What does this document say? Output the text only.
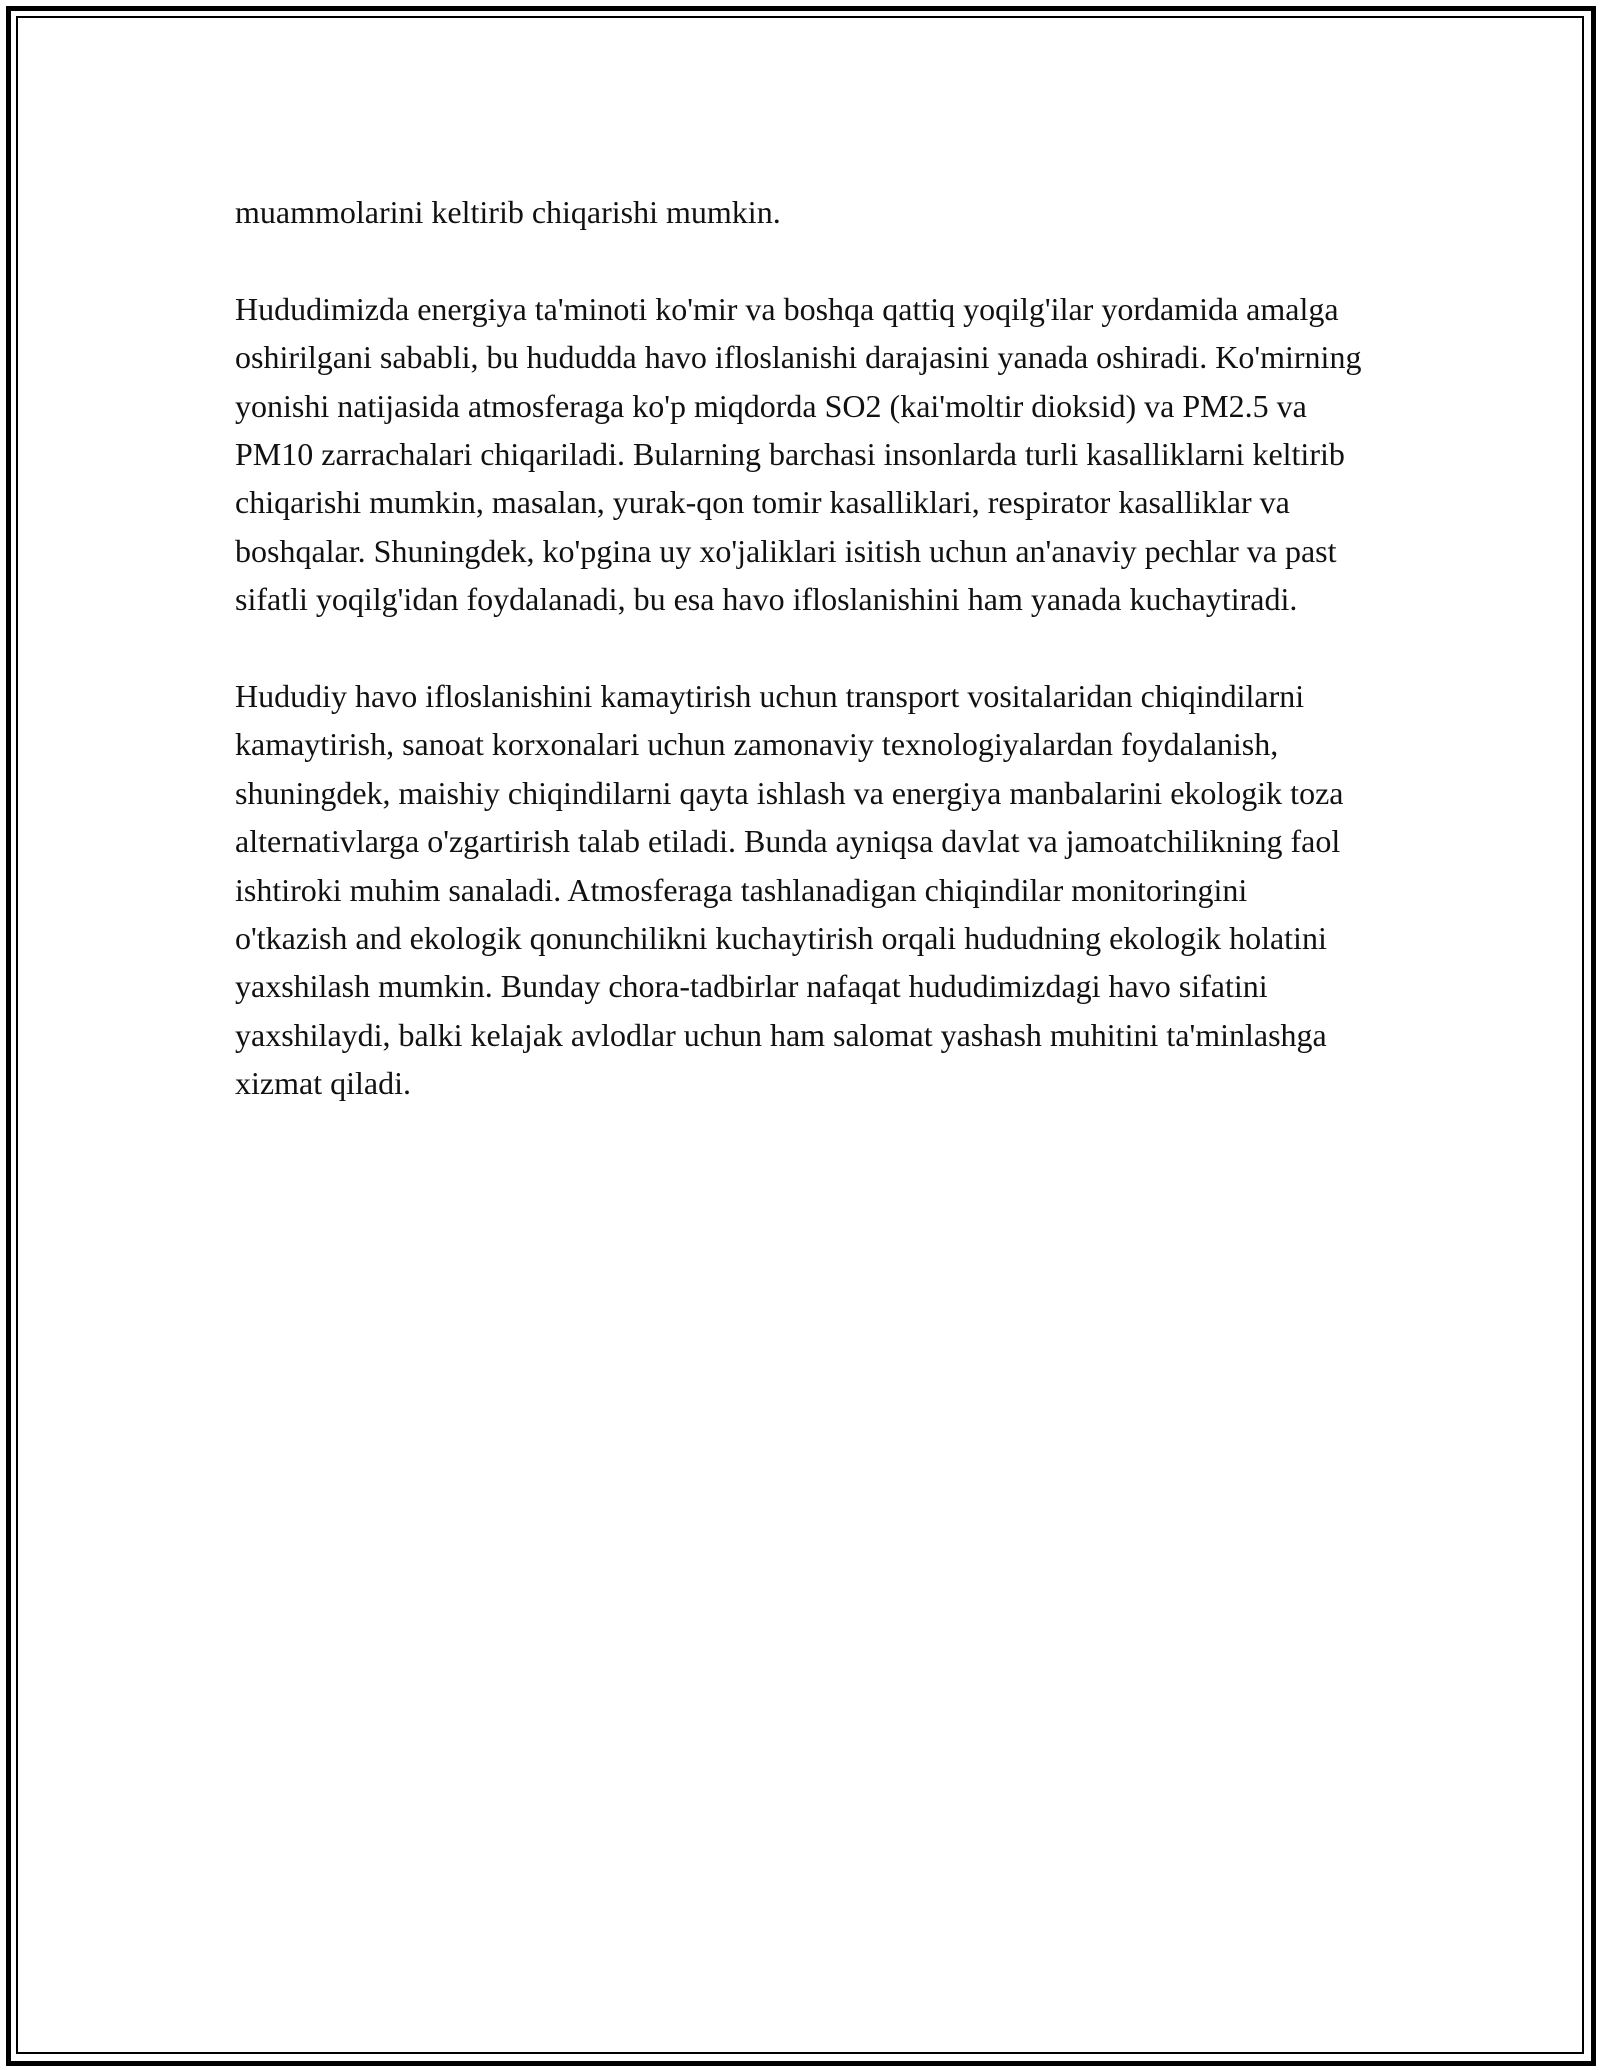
muammolarini keltirib chiqarishi mumkin.

Hududimizda energiya ta'minoti ko'mir va boshqa qattiq yoqilg'ilar yordamida amalga oshirilgani sababli, bu hududda havo ifloslanishi darajasini yanada oshiradi. Ko'mirning yonishi natijasida atmosferaga ko'p miqdorda SO2 (kai'moltir dioksid) va PM2.5 va PM10 zarrachalari chiqariladi. Bularning barchasi insonlarda turli kasalliklarni keltirib chiqarishi mumkin, masalan, yurak-qon tomir kasalliklari, respirator kasalliklar va boshqalar. Shuningdek, ko'pgina uy xo'jaliklari isitish uchun an'anaviy pechlar va past sifatli yoqilg'idan foydalanadi, bu esa havo ifloslanishini ham yanada kuchaytiradi.

Hududiy havo ifloslanishini kamaytirish uchun transport vositalaridan chiqindilarni kamaytirish, sanoat korxonalari uchun zamonaviy texnologiyalardan foydalanish, shuningdek, maishiy chiqindilarni qayta ishlash va energiya manbalarini ekologik toza alternativlarga o'zgartirish talab etiladi. Bunda ayniqsa davlat va jamoatchilikning faol ishtiroki muhim sanaladi. Atmosferaga tashlanadigan chiqindilar monitoringini o'tkazish and ekologik qonunchilikni kuchaytirish orqali hududning ekologik holatini yaxshilash mumkin. Bunday chora-tadbirlar nafaqat hududimizdagi havo sifatini yaxshilaydi, balki kelajak avlodlar uchun ham salomat yashash muhitini ta'minlashga xizmat qiladi.
